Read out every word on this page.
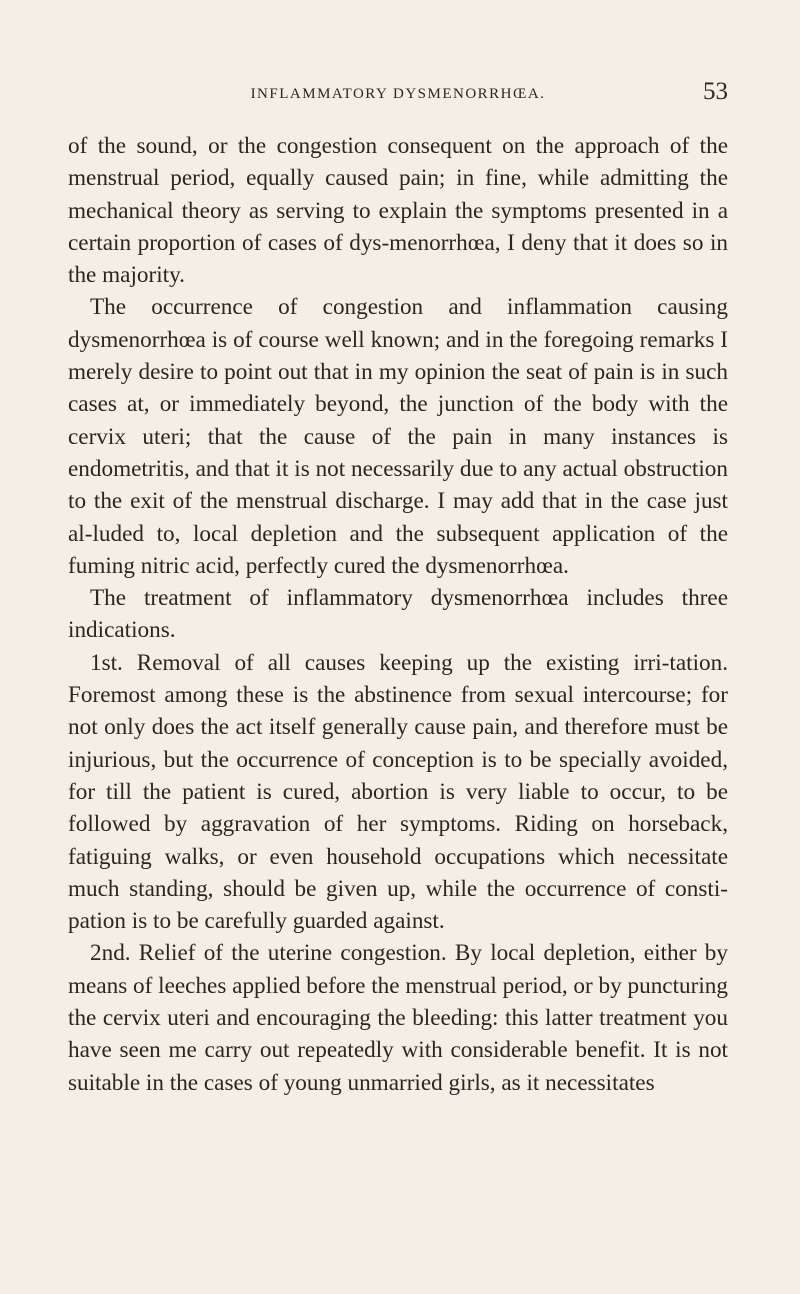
INFLAMMATORY DYSMENORRHŒA.	53

of the sound, or the congestion consequent on the approach of the menstrual period, equally caused pain; in fine, while admitting the mechanical theory as serving to explain the symptoms presented in a certain proportion of cases of dys-menorrhœa, I deny that it does so in the majority.

The occurrence of congestion and inflammation causing dysmenorrhœa is of course well known; and in the foregoing remarks I merely desire to point out that in my opinion the seat of pain is in such cases at, or immediately beyond, the junction of the body with the cervix uteri; that the cause of the pain in many instances is endometritis, and that it is not necessarily due to any actual obstruction to the exit of the menstrual discharge. I may add that in the case just al-luded to, local depletion and the subsequent application of the fuming nitric acid, perfectly cured the dysmenorrhœa.

The treatment of inflammatory dysmenorrhœa includes three indications.

1st. Removal of all causes keeping up the existing irri-tation. Foremost among these is the abstinence from sexual intercourse; for not only does the act itself generally cause pain, and therefore must be injurious, but the occurrence of conception is to be specially avoided, for till the patient is cured, abortion is very liable to occur, to be followed by aggravation of her symptoms. Riding on horseback, fatiguing walks, or even household occupations which necessitate much standing, should be given up, while the occurrence of consti-pation is to be carefully guarded against.

2nd. Relief of the uterine congestion. By local depletion, either by means of leeches applied before the menstrual period, or by puncturing the cervix uteri and encouraging the bleeding: this latter treatment you have seen me carry out repeatedly with considerable benefit. It is not suitable in the cases of young unmarried girls, as it necessitates
